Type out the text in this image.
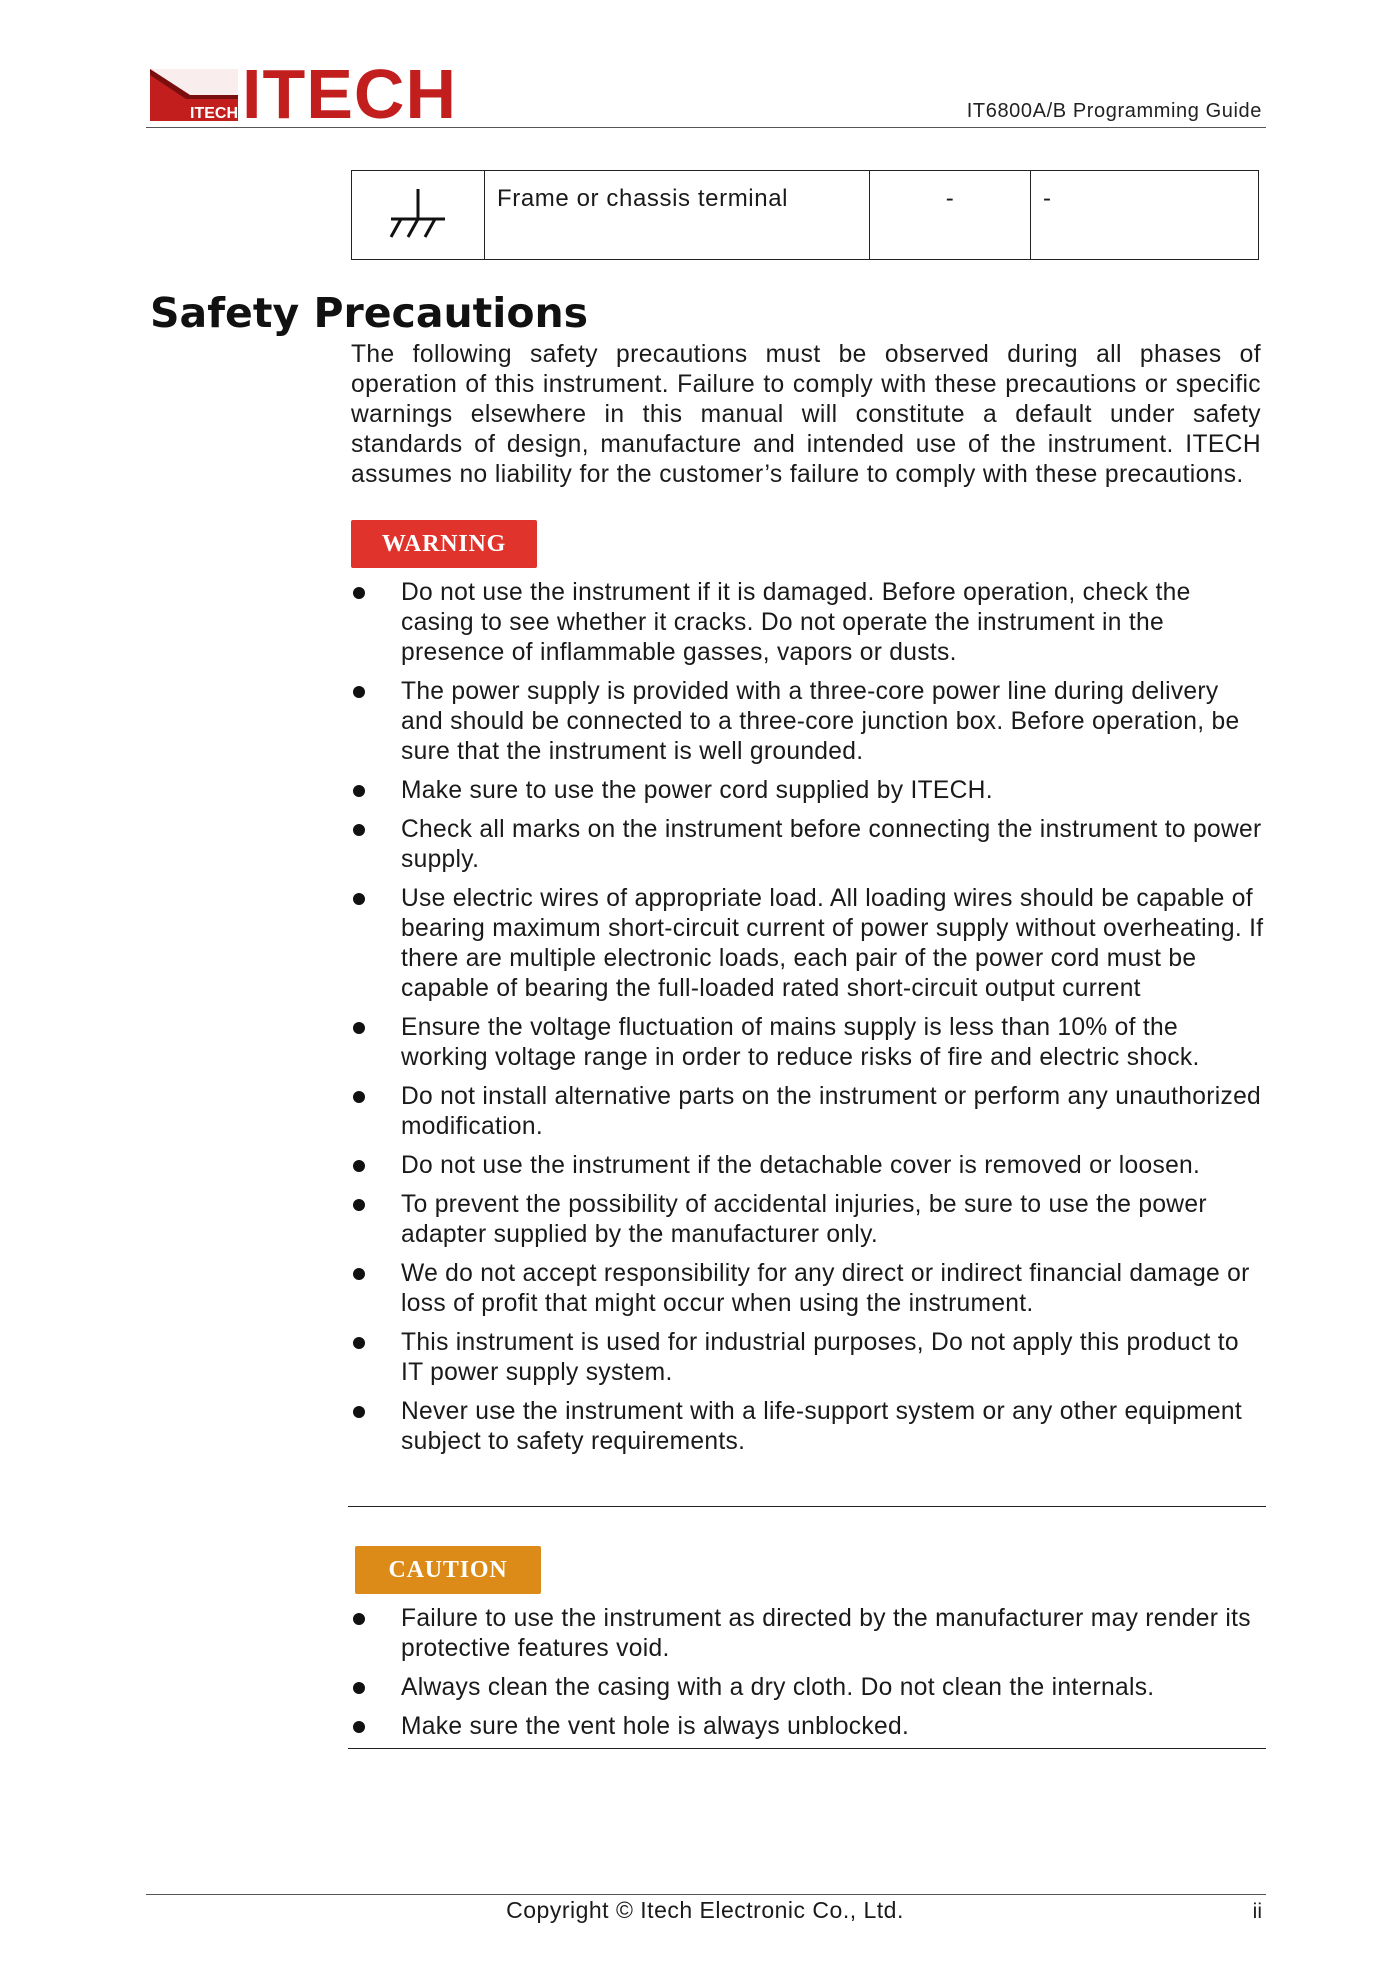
ITECH ITECH	IT6800A/B Programming Guide
	Frame or chassis terminal	-	-
Safety Precautions
The following safety precautions must be observed during all phases of operation of this instrument. Failure to comply with these precautions or specific warnings elsewhere in this manual will constitute a default under safety standards of design, manufacture and intended use of the instrument. ITECH assumes no liability for the customer’s failure to comply with these precautions.
WARNING
Do not use the instrument if it is damaged. Before operation, check the casing to see whether it cracks. Do not operate the instrument in the presence of inflammable gasses, vapors or dusts.
The power supply is provided with a three-core power line during delivery and should be connected to a three-core junction box. Before operation, be sure that the instrument is well grounded.
Make sure to use the power cord supplied by ITECH.
Check all marks on the instrument before connecting the instrument to power supply.
Use electric wires of appropriate load. All loading wires should be capable of bearing maximum short-circuit current of power supply without overheating. If there are multiple electronic loads, each pair of the power cord must be capable of bearing the full-loaded rated short-circuit output current
Ensure the voltage fluctuation of mains supply is less than 10% of the working voltage range in order to reduce risks of fire and electric shock.
Do not install alternative parts on the instrument or perform any unauthorized modification.
Do not use the instrument if the detachable cover is removed or loosen.
To prevent the possibility of accidental injuries, be sure to use the power adapter supplied by the manufacturer only.
We do not accept responsibility for any direct or indirect financial damage or loss of profit that might occur when using the instrument.
This instrument is used for industrial purposes, Do not apply this product to IT power supply system.
Never use the instrument with a life-support system or any other equipment subject to safety requirements.
CAUTION
Failure to use the instrument as directed by the manufacturer may render its protective features void.
Always clean the casing with a dry cloth. Do not clean the internals.
Make sure the vent hole is always unblocked.
Copyright © Itech Electronic Co., Ltd.	ii
